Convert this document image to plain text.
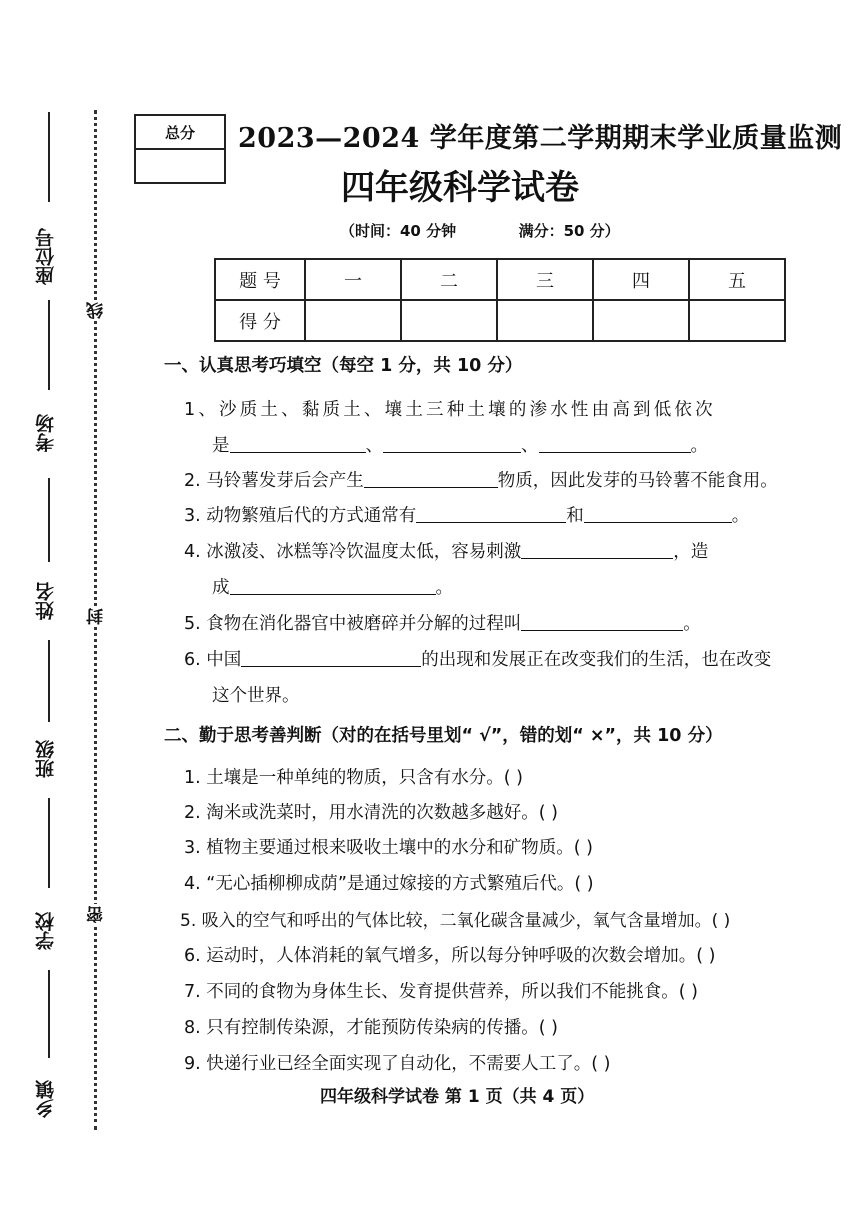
座位号
考场
姓名
班级
学校
乡镇
线
封
密
总分	2023—2024 学年度第二学期期末学业质量监测
四年级科学试卷
（时间：40 分钟	满分：50 分）
题 号	一	二	三	四	五
得 分					
一、认真思考巧填空（每空 1 分，共 10 分）
1、沙质土、黏质土、壤土三种土壤的渗水性由高到低依次
是	、	、	。
2. 马铃薯发芽后会产生	物质，因此发芽的马铃薯不能食用。
3. 动物繁殖后代的方式通常有	和	。
4. 冰激凌、冰糕等冷饮温度太低，容易刺激	，造
成	。
5. 食物在消化器官中被磨碎并分解的过程叫	。
6. 中国	的出现和发展正在改变我们的生活，也在改变
这个世界。
二、勤于思考善判断（对的在括号里划“ √”，错的划“ ×”，共 10 分）
1. 土壤是一种单纯的物质，只含有水分。( )
2. 淘米或洗菜时，用水清洗的次数越多越好。( )
3. 植物主要通过根来吸收土壤中的水分和矿物质。( )
4. “无心插柳柳成荫”是通过嫁接的方式繁殖后代。( )
5. 吸入的空气和呼出的气体比较，二氧化碳含量减少，氧气含量增加。( )
6. 运动时，人体消耗的氧气增多，所以每分钟呼吸的次数会增加。( )
7. 不同的食物为身体生长、发育提供营养，所以我们不能挑食。( )
8. 只有控制传染源，才能预防传染病的传播。( )
9. 快递行业已经全面实现了自动化，不需要人工了。( )
四年级科学试卷 第 1 页（共 4 页）
